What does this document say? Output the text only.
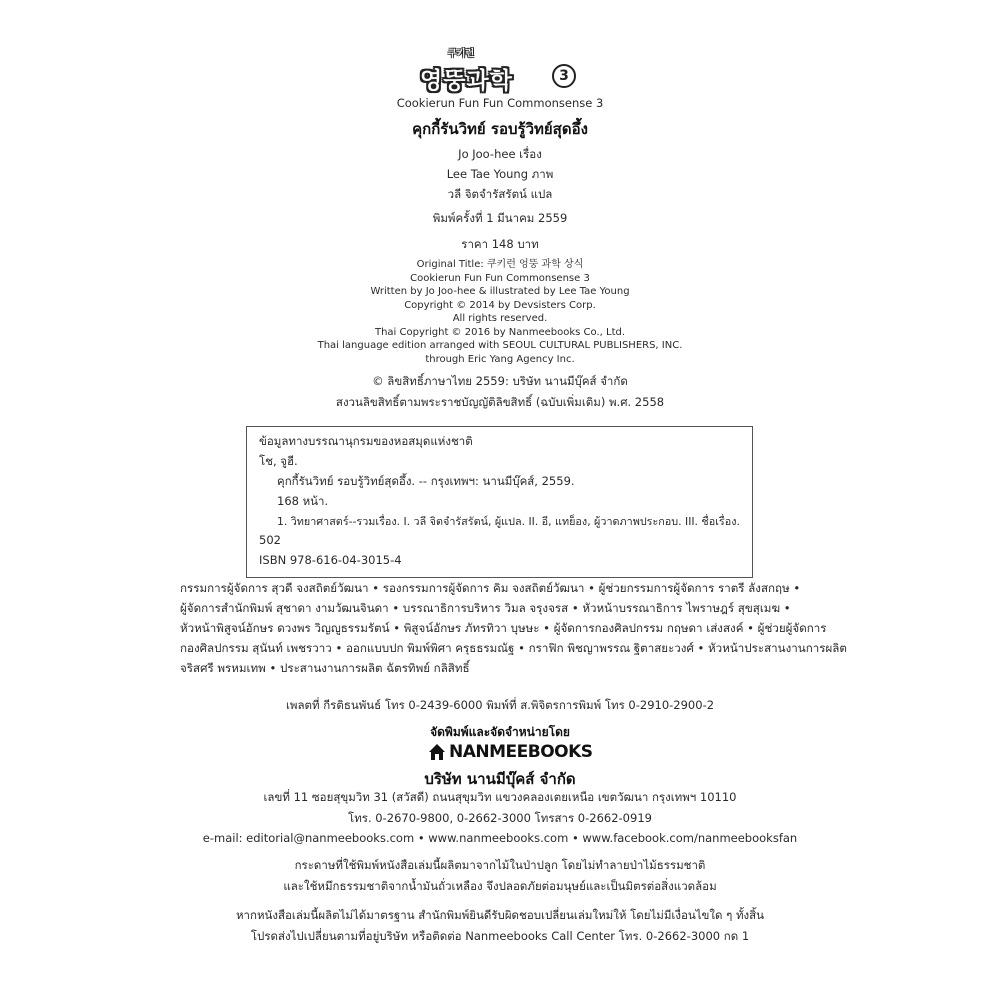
쿠키런
영뚱과학	3
Cookierun Fun Fun Commonsense 3
คุกกี้รันวิทย์ รอบรู้วิทย์สุดอึ้ง
Jo Joo-hee เรื่อง
Lee Tae Young ภาพ
วลี จิตจำรัสรัตน์ แปล
พิมพ์ครั้งที่ 1 มีนาคม 2559
ราคา 148 บาท
Original Title: 쿠키런 엉뚱 과학 상식
Cookierun Fun Fun Commonsense 3
Written by Jo Joo-hee & illustrated by Lee Tae Young
Copyright © 2014 by Devsisters Corp.
All rights reserved.
Thai Copyright © 2016 by Nanmeebooks Co., Ltd.
Thai language edition arranged with SEOUL CULTURAL PUBLISHERS, INC.
through Eric Yang Agency Inc.
© ลิขสิทธิ์ภาษาไทย 2559: บริษัท นานมีบุ๊คส์ จำกัด
สงวนลิขสิทธิ์ตามพระราชบัญญัติลิขสิทธิ์ (ฉบับเพิ่มเติม) พ.ศ. 2558
ข้อมูลทางบรรณานุกรมของหอสมุดแห่งชาติ
โช, จูฮี.
คุกกี้รันวิทย์ รอบรู้วิทย์สุดอึ้ง. -- กรุงเทพฯ: นานมีบุ๊คส์, 2559.
168 หน้า.
1. วิทยาศาสตร์--รวมเรื่อง. I. วลี จิตจำรัสรัตน์, ผู้แปล. II. อี, แทย็อง, ผู้วาดภาพประกอบ. III. ชื่อเรื่อง.
502
ISBN 978-616-04-3015-4
กรรมการผู้จัดการ สุวดี จงสถิตย์วัฒนา • รองกรรมการผู้จัดการ คิม จงสถิตย์วัฒนา • ผู้ช่วยกรรมการผู้จัดการ ราตรี ลังสกฤษ •
ผู้จัดการสำนักพิมพ์ สุชาดา งามวัฒนจินดา • บรรณาธิการบริหาร วิมล จรุงจรส • หัวหน้าบรรณาธิการ ไพราษฎร์ สุขสุเมฆ •
หัวหน้าพิสูจน์อักษร ดวงพร วิญญูธรรมรัตน์ • พิสูจน์อักษร ภัทรทิวา บุษษะ • ผู้จัดการกองศิลปกรรม กฤษดา เส่งสงค์ • ผู้ช่วยผู้จัดการ
กองศิลปกรรม สุนันท์ เพชรวาว • ออกแบบปก พิมพ์พิศา ครุธธรมณัฐ • กราฟิก พิชญาพรรณ ฐิตาสยะวงศ์ • หัวหน้าประสานงานการผลิต
จริสศรี พรหมเทพ • ประสานงานการผลิต ฉัตรทิพย์ กลิสิทธิ์
เพลตที่ กีรติธนพันธ์ โทร 0-2439-6000 พิมพ์ที่ ส.พิจิตรการพิมพ์ โทร 0-2910-2900-2
จัดพิมพ์และจัดจำหน่ายโดย
NANMEEBOOKS
บริษัท นานมีบุ๊คส์ จำกัด
เลขที่ 11 ซอยสุขุมวิท 31 (สวัสดี) ถนนสุขุมวิท แขวงคลองเตยเหนือ เขตวัฒนา กรุงเทพฯ 10110
โทร. 0-2670-9800, 0-2662-3000 โทรสาร 0-2662-0919
e-mail: editorial@nanmeebooks.com • www.nanmeebooks.com • www.facebook.com/nanmeebooksfan
กระดาษที่ใช้พิมพ์หนังสือเล่มนี้ผลิตมาจากไม้ในป่าปลูก โดยไม่ทำลายป่าไม้ธรรมชาติ
และใช้หมึกธรรมชาติจากน้ำมันถั่วเหลือง จึงปลอดภัยต่อมนุษย์และเป็นมิตรต่อสิ่งแวดล้อม
หากหนังสือเล่มนี้ผลิตไม่ได้มาตรฐาน สำนักพิมพ์ยินดีรับผิดชอบเปลี่ยนเล่มใหม่ให้ โดยไม่มีเงื่อนไขใด ๆ ทั้งสิ้น
โปรดส่งไปเปลี่ยนตามที่อยู่บริษัท หรือติดต่อ Nanmeebooks Call Center โทร. 0-2662-3000 กด 1
